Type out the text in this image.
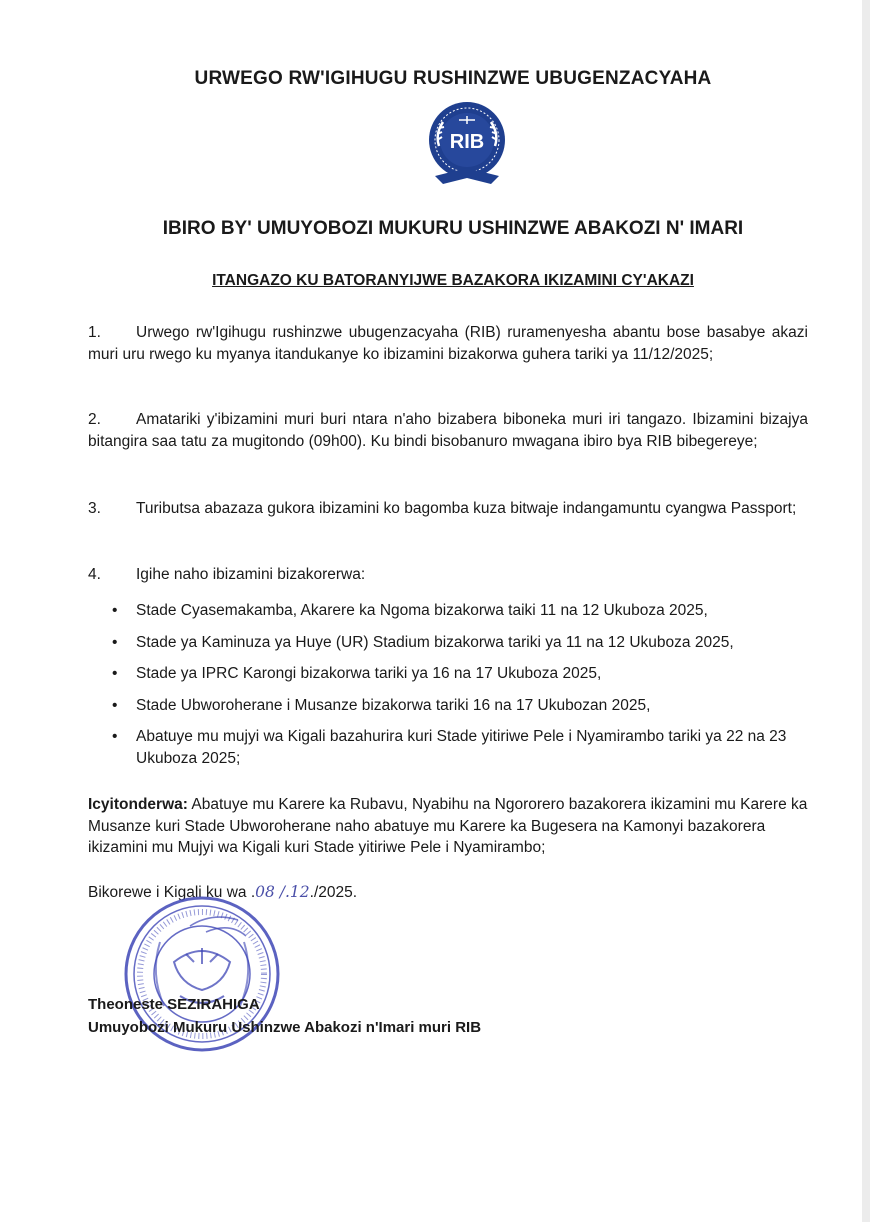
URWEGO RW'IGIHUGU RUSHINZWE UBUGENZACYAHA
RIB
IBIRO BY' UMUYOBOZI MUKURU USHINZWE ABAKOZI N' IMARI
ITANGAZO KU BATORANYIJWE BAZAKORA IKIZAMINI CY'AKAZI
1. Urwego rw'Igihugu rushinzwe ubugenzacyaha (RIB) ruramenyesha abantu bose basabye akazi muri uru rwego ku myanya itandukanye ko ibizamini bizakorwa guhera tariki ya 11/12/2025;
2. Amatariki y'ibizamini muri buri ntara n'aho bizabera biboneka muri iri tangazo. Ibizamini bizajya bitangira saa tatu za mugitondo (09h00). Ku bindi bisobanuro mwagana ibiro bya RIB bibegereye;
3. Tuributsa abazaza gukora ibizamini ko bagomba kuza bitwaje indangamuntu cyangwa Passport;
4. Igihe naho ibizamini bizakorerwa:
• Stade Cyasemakamba, Akarere ka Ngoma bizakorwa taiki 11 na 12 Ukuboza 2025,
• Stade ya Kaminuza ya Huye (UR) Stadium bizakorwa tariki ya 11 na 12 Ukuboza 2025,
• Stade ya IPRC Karongi bizakorwa tariki ya 16 na 17 Ukuboza 2025,
• Stade Ubworoherane i Musanze bizakorwa tariki 16 na 17 Ukubozan 2025,
• Abatuye mu mujyi wa Kigali bazahurira kuri Stade yitiriwe Pele i Nyamirambo tariki ya 22 na 23 Ukuboza 2025;
Icyitonderwa: Abatuye mu Karere ka Rubavu, Nyabihu na Ngororero bazakorera ikizamini mu Karere ka Musanze kuri Stade Ubworoherane naho abatuye mu Karere ka Bugesera na Kamonyi bazakorera ikizamini mu Mujyi wa Kigali kuri Stade yitiriwe Pele i Nyamirambo;
Bikorewe i Kigali ku wa .08 /.12./2025.
Theoneste SEZIRAHIGA
Umuyobozi Mukuru Ushinzwe Abakozi n'Imari muri RIB
